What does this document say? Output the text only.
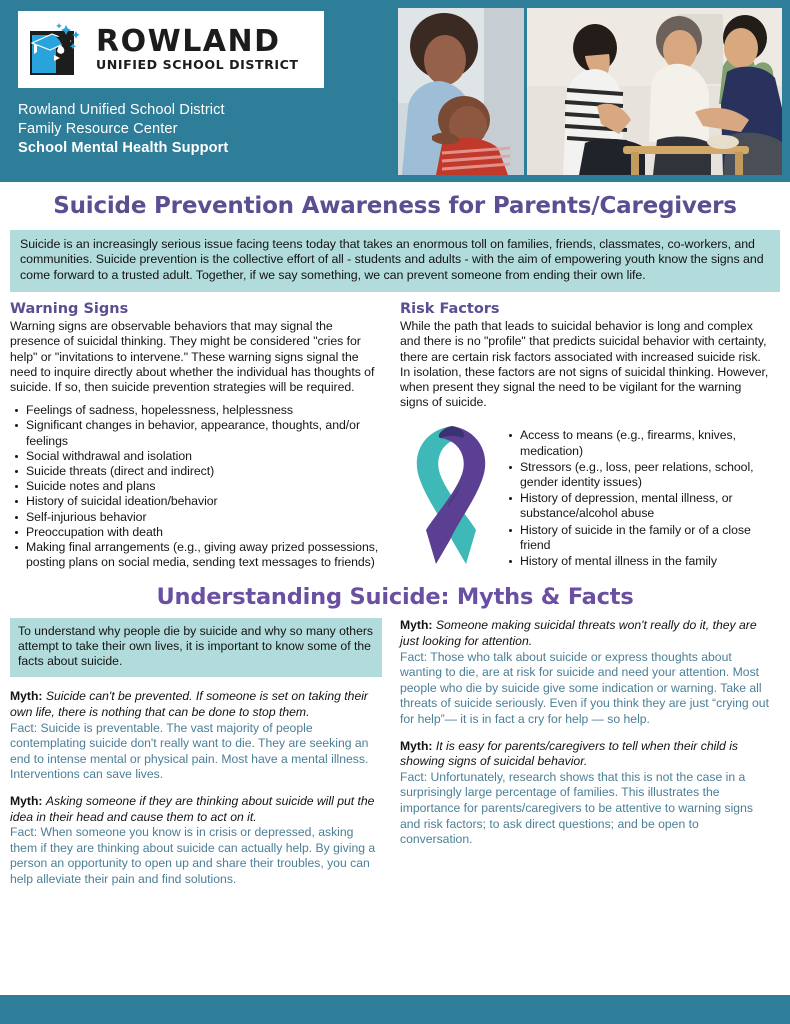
ROWLAND
UNIFIED SCHOOL DISTRICT
Rowland Unified School District
Family Resource Center
School Mental Health Support
Suicide Prevention Awareness for Parents/Caregivers

Suicide is an increasingly serious issue facing teens today that takes an enormous toll on families, friends, classmates, co-workers, and communities. Suicide prevention is the collective effort of all - students and adults - with the aim of empowering youth know the signs and come forward to a trusted adult. Together, if we say something, we can prevent someone from ending their own life.

Warning Signs
Warning signs are observable behaviors that may signal the presence of suicidal thinking. They might be considered "cries for help" or "invitations to intervene." These warning signs signal the need to inquire directly about whether the individual has thoughts of suicide. If so, then suicide prevention strategies will be required.
Feelings of sadness, hopelessness, helplessness
Significant changes in behavior, appearance, thoughts, and/or feelings
Social withdrawal and isolation
Suicide threats (direct and indirect)
Suicide notes and plans
History of suicidal ideation/behavior
Self-injurious behavior
Preoccupation with death
Making final arrangements (e.g., giving away prized possessions, posting plans on social media, sending text messages to friends)
Risk Factors
While the path that leads to suicidal behavior is long and complex and there is no "profile" that predicts suicidal behavior with certainty, there are certain risk factors associated with increased suicide risk. In isolation, these factors are not signs of suicidal thinking. However, when present they signal the need to be vigilant for the warning signs of suicide.
Access to means (e.g., firearms, knives, medication)
Stressors (e.g., loss, peer relations, school, gender identity issues)
History of depression, mental illness, or substance/alcohol abuse
History of suicide in the family or of a close friend
History of mental illness in the family
Understanding Suicide: Myths & Facts
To understand why people die by suicide and why so many others attempt to take their own lives, it is important to know some of the facts about suicide.
Myth: Suicide can't be prevented. If someone is set on taking their own life, there is nothing that can be done to stop them.
Fact: Suicide is preventable. The vast majority of people contemplating suicide don't really want to die. They are seeking an end to intense mental or physical pain. Most have a mental illness. Interventions can save lives.
Myth: Asking someone if they are thinking about suicide will put the idea in their head and cause them to act on it.
Fact: When someone you know is in crisis or depressed, asking them if they are thinking about suicide can actually help. By giving a person an opportunity to open up and share their troubles, you can help alleviate their pain and find solutions.
Myth: Someone making suicidal threats won't really do it, they are just looking for attention.
Fact: Those who talk about suicide or express thoughts about wanting to die, are at risk for suicide and need your attention. Most people who die by suicide give some indication or warning. Take all threats of suicide seriously. Even if you think they are just “crying out for help”— it is in fact a cry for help — so help.
Myth: It is easy for parents/caregivers to tell when their child is showing signs of suicidal behavior.
Fact: Unfortunately, research shows that this is not the case in a surprisingly large percentage of families. This illustrates the importance for parents/caregivers to be attentive to warning signs and risk factors; to ask direct questions; and be open to conversation.
